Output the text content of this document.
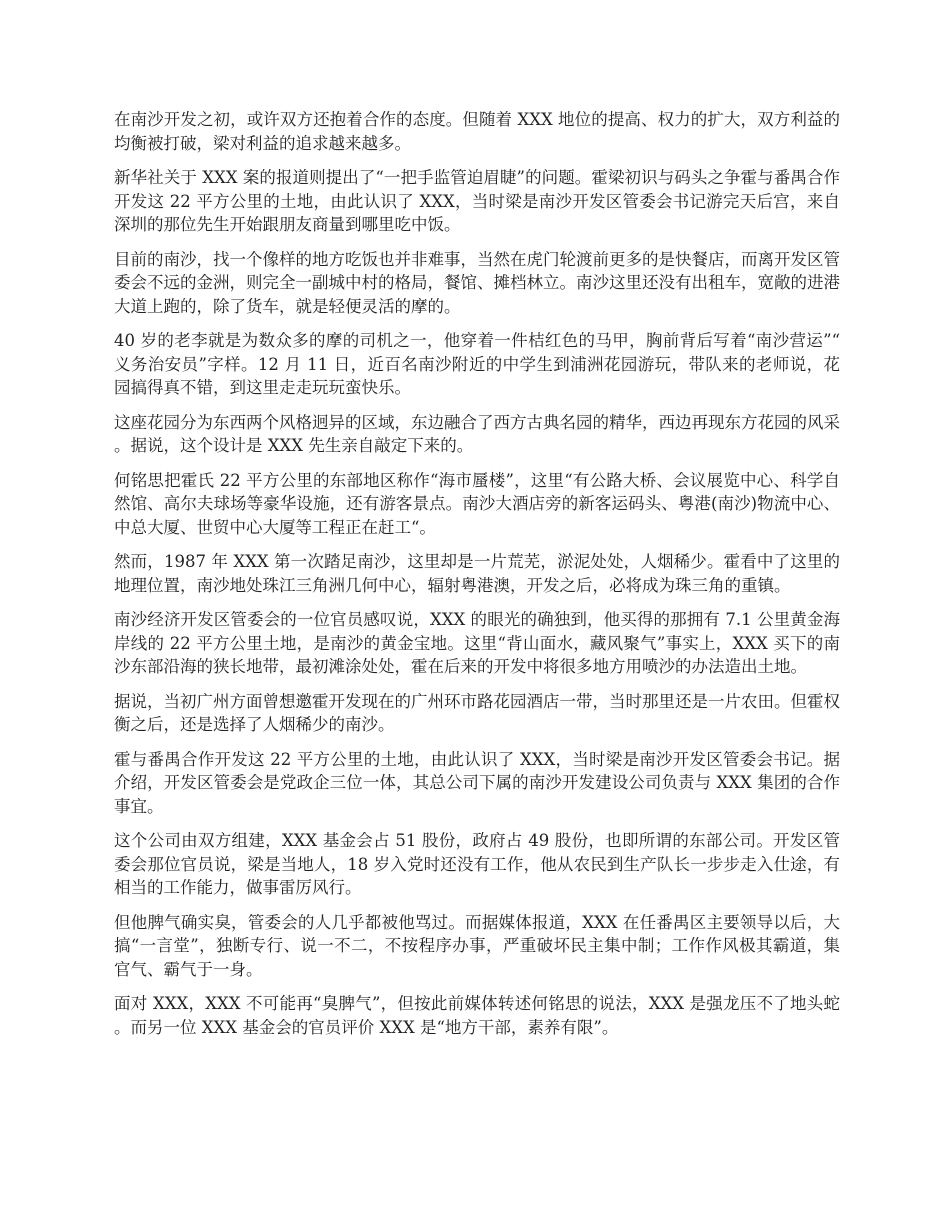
在南沙开发之初，或许双方还抱着合作的态度。但随着 XXX 地位的提高、权力的扩大，双方利益的均衡被打破，梁对利益的追求越来越多。

新华社关于 XXX 案的报道则提出了“一把手监管迫眉睫”的问题。霍梁初识与码头之争霍与番禺合作开发这 22 平方公里的土地，由此认识了 XXX，当时梁是南沙开发区管委会书记游完天后宫，来自深圳的那位先生开始跟朋友商量到哪里吃中饭。

目前的南沙，找一个像样的地方吃饭也并非难事，当然在虎门轮渡前更多的是快餐店，而离开发区管委会不远的金洲，则完全一副城中村的格局，餐馆、摊档林立。南沙这里还没有出租车，宽敞的进港大道上跑的，除了货车，就是轻便灵活的摩的。

40 岁的老李就是为数众多的摩的司机之一，他穿着一件桔红色的马甲，胸前背后写着“南沙营运”“义务治安员”字样。12 月 11 日，近百名南沙附近的中学生到浦洲花园游玩，带队来的老师说，花园搞得真不错，到这里走走玩玩蛮快乐。

这座花园分为东西两个风格迥异的区域，东边融合了西方古典名园的精华，西边再现东方花园的风采。据说，这个设计是 XXX 先生亲自敲定下来的。

何铭思把霍氏 22 平方公里的东部地区称作“海市蜃楼”，这里“有公路大桥、会议展览中心、科学自然馆、高尔夫球场等豪华设施，还有游客景点。南沙大酒店旁的新客运码头、粤港(南沙)物流中心、中总大厦、世贸中心大厦等工程正在赶工“。

然而，1987 年 XXX 第一次踏足南沙，这里却是一片荒芜，淤泥处处，人烟稀少。霍看中了这里的地理位置，南沙地处珠江三角洲几何中心，辐射粤港澳，开发之后，必将成为珠三角的重镇。

南沙经济开发区管委会的一位官员感叹说，XXX 的眼光的确独到，他买得的那拥有 7.1 公里黄金海岸线的 22 平方公里土地，是南沙的黄金宝地。这里“背山面水，藏风聚气”事实上，XXX 买下的南沙东部沿海的狭长地带，最初滩涂处处，霍在后来的开发中将很多地方用喷沙的办法造出土地。

据说，当初广州方面曾想邀霍开发现在的广州环市路花园酒店一带，当时那里还是一片农田。但霍权衡之后，还是选择了人烟稀少的南沙。

霍与番禺合作开发这 22 平方公里的土地，由此认识了 XXX，当时梁是南沙开发区管委会书记。据介绍，开发区管委会是党政企三位一体，其总公司下属的南沙开发建设公司负责与 XXX 集团的合作事宜。

这个公司由双方组建，XXX 基金会占 51 股份，政府占 49 股份，也即所谓的东部公司。开发区管委会那位官员说，梁是当地人，18 岁入党时还没有工作，他从农民到生产队长一步步走入仕途，有相当的工作能力，做事雷厉风行。

但他脾气确实臭，管委会的人几乎都被他骂过。而据媒体报道，XXX 在任番禺区主要领导以后，大搞“一言堂”，独断专行、说一不二，不按程序办事，严重破坏民主集中制；工作作风极其霸道，集官气、霸气于一身。

面对 XXX，XXX 不可能再“臭脾气”，但按此前媒体转述何铭思的说法，XXX 是强龙压不了地头蛇。而另一位 XXX 基金会的官员评价 XXX 是“地方干部，素养有限”。
